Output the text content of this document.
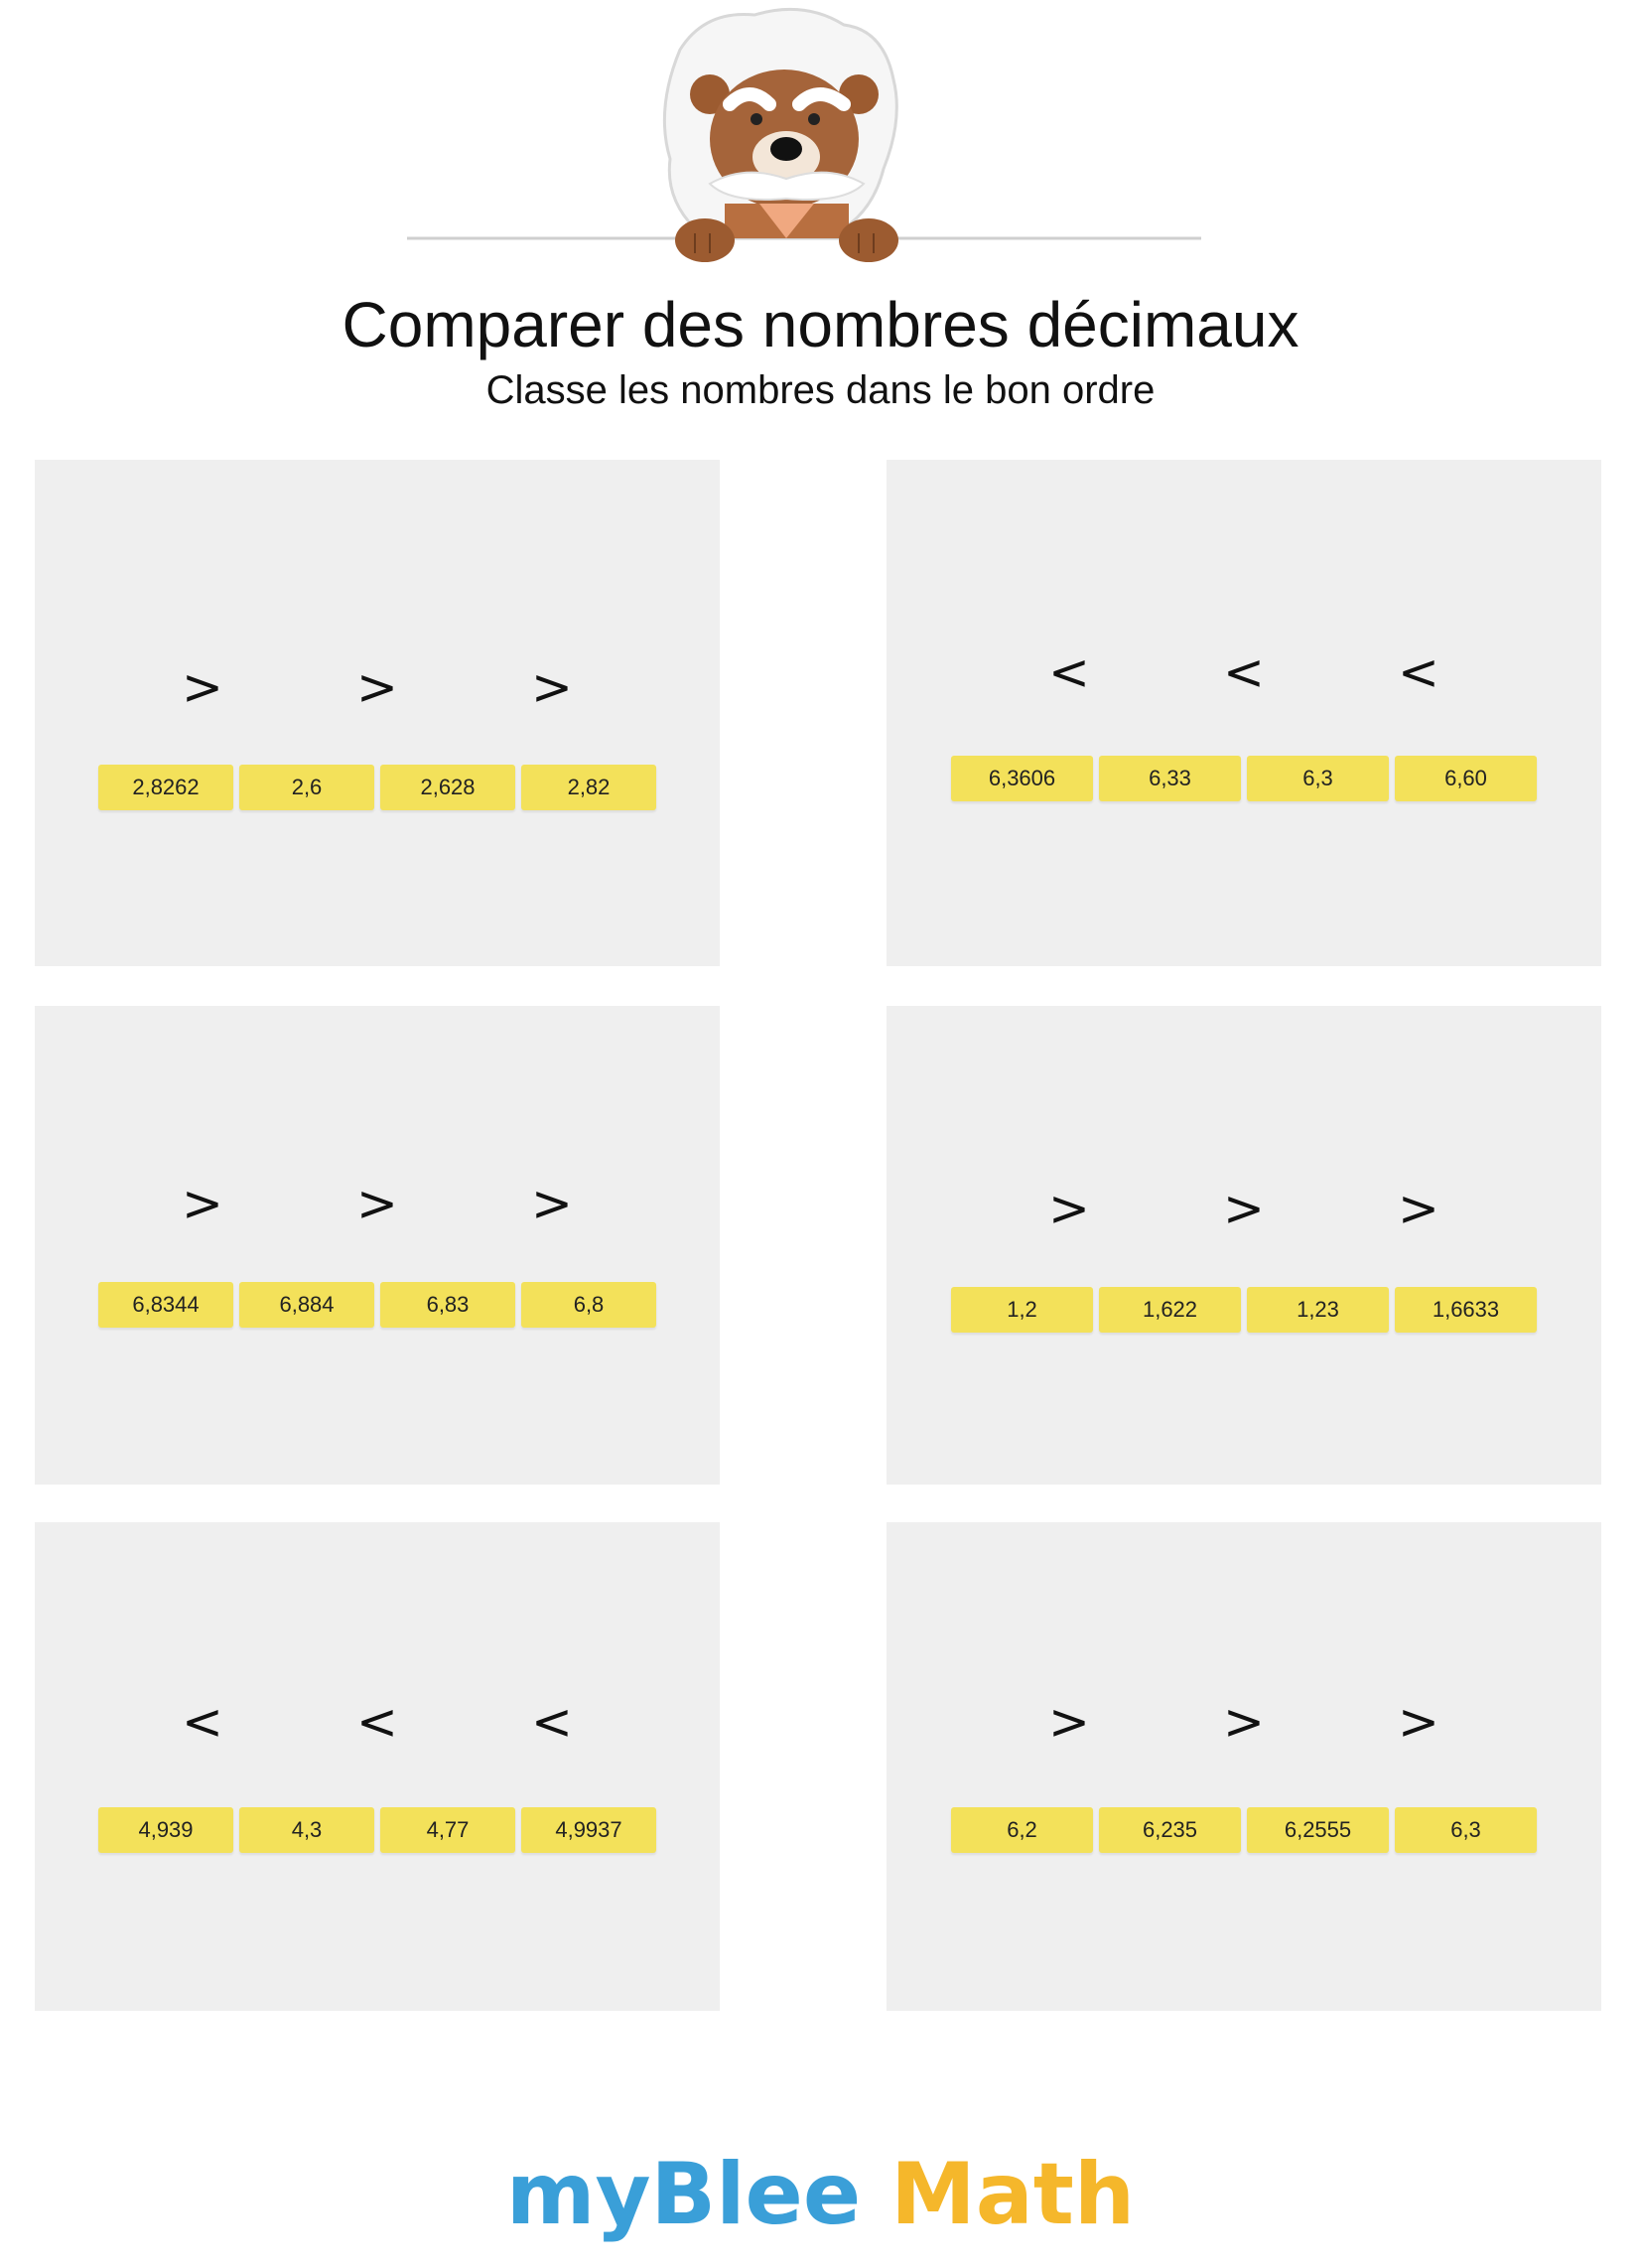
Comparer des nombres décimaux
Classe les nombres dans le bon ordre
>	>	>
2,8262	2,6	2,628	2,82
<	<	<
6,3606	6,33	6,3	6,60
>	>	>
6,8344	6,884	6,83	6,8
>	>	>
1,2	1,622	1,23	1,6633
<	<	<
4,939	4,3	4,77	4,9937
>	>	>
6,2	6,235	6,2555	6,3
myBlee Math
